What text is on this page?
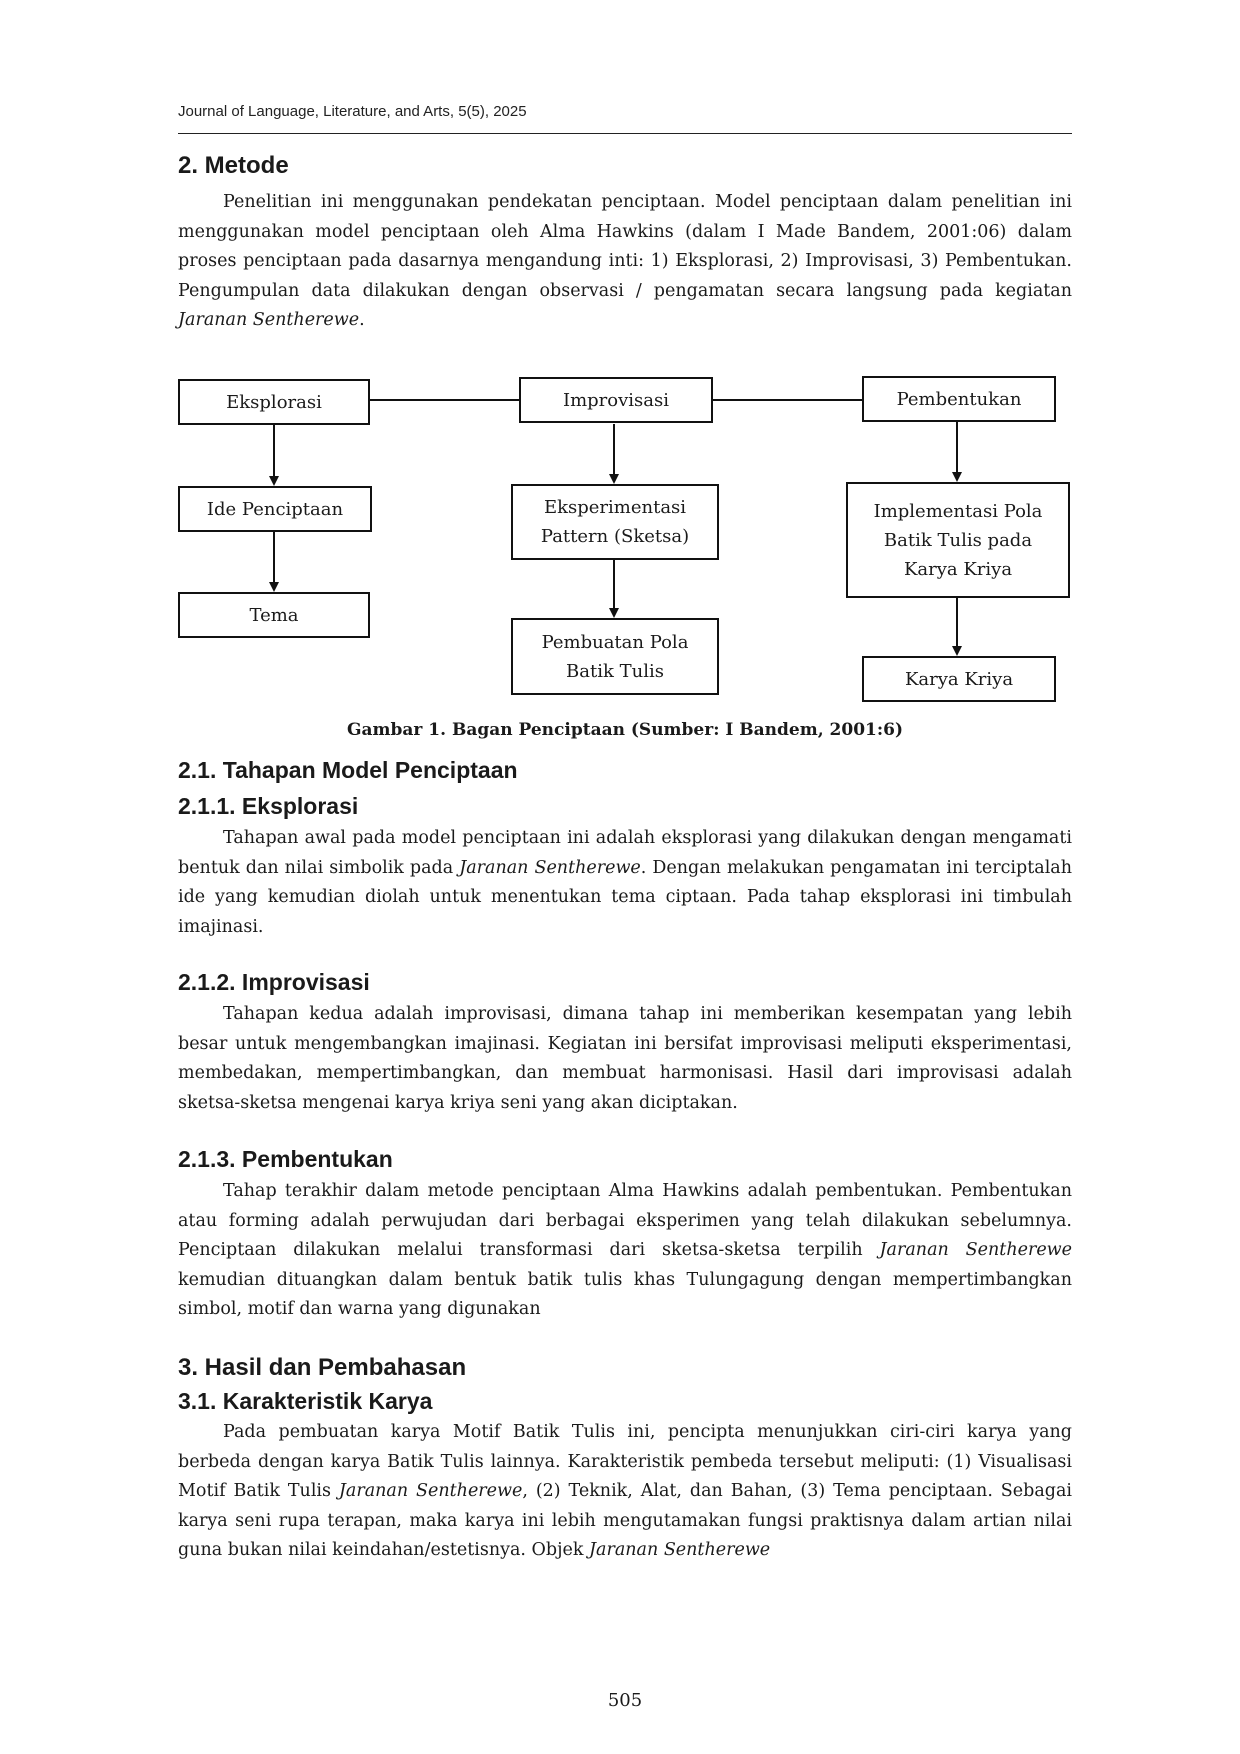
Journal of Language, Literature, and Arts, 5(5), 2025
2. Metode

Penelitian ini menggunakan pendekatan penciptaan. Model penciptaan dalam penelitian ini menggunakan model penciptaan oleh Alma Hawkins (dalam I Made Bandem, 2001:06) dalam proses penciptaan pada dasarnya mengandung inti: 1) Eksplorasi, 2) Improvisasi, 3) Pembentukan. Pengumpulan data dilakukan dengan observasi / pengamatan secara langsung pada kegiatan Jaranan Sentherewe.

Eksplorasi	Improvisasi	Pembentukan
Ide Penciptaan
Tema
Eksperimentasi
Pattern (Sketsa)
Pembuatan Pola
Batik Tulis
Implementasi Pola
Batik Tulis pada
Karya Kriya
Karya Kriya
Gambar 1. Bagan Penciptaan (Sumber: I Bandem, 2001:6)
2.1. Tahapan Model Penciptaan
2.1.1. Eksplorasi

Tahapan awal pada model penciptaan ini adalah eksplorasi yang dilakukan dengan mengamati bentuk dan nilai simbolik pada Jaranan Sentherewe. Dengan melakukan pengamatan ini terciptalah ide yang kemudian diolah untuk menentukan tema ciptaan. Pada tahap eksplorasi ini timbulah imajinasi.

2.1.2. Improvisasi

Tahapan kedua adalah improvisasi, dimana tahap ini memberikan kesempatan yang lebih besar untuk mengembangkan imajinasi. Kegiatan ini bersifat improvisasi meliputi eksperimentasi, membedakan, mempertimbangkan, dan membuat harmonisasi. Hasil dari improvisasi adalah sketsa-sketsa mengenai karya kriya seni yang akan diciptakan.

2.1.3. Pembentukan

Tahap terakhir dalam metode penciptaan Alma Hawkins adalah pembentukan. Pembentukan atau forming adalah perwujudan dari berbagai eksperimen yang telah dilakukan sebelumnya. Penciptaan dilakukan melalui transformasi dari sketsa-sketsa terpilih Jaranan Sentherewe kemudian dituangkan dalam bentuk batik tulis khas Tulungagung dengan mempertimbangkan simbol, motif dan warna yang digunakan

3. Hasil dan Pembahasan
3.1. Karakteristik Karya

Pada pembuatan karya Motif Batik Tulis ini, pencipta menunjukkan ciri-ciri karya yang berbeda dengan karya Batik Tulis lainnya. Karakteristik pembeda tersebut meliputi: (1) Visualisasi Motif Batik Tulis Jaranan Sentherewe, (2) Teknik, Alat, dan Bahan, (3) Tema penciptaan. Sebagai karya seni rupa terapan, maka karya ini lebih mengutamakan fungsi praktisnya dalam artian nilai guna bukan nilai keindahan/estetisnya. Objek Jaranan Sentherewe

505
